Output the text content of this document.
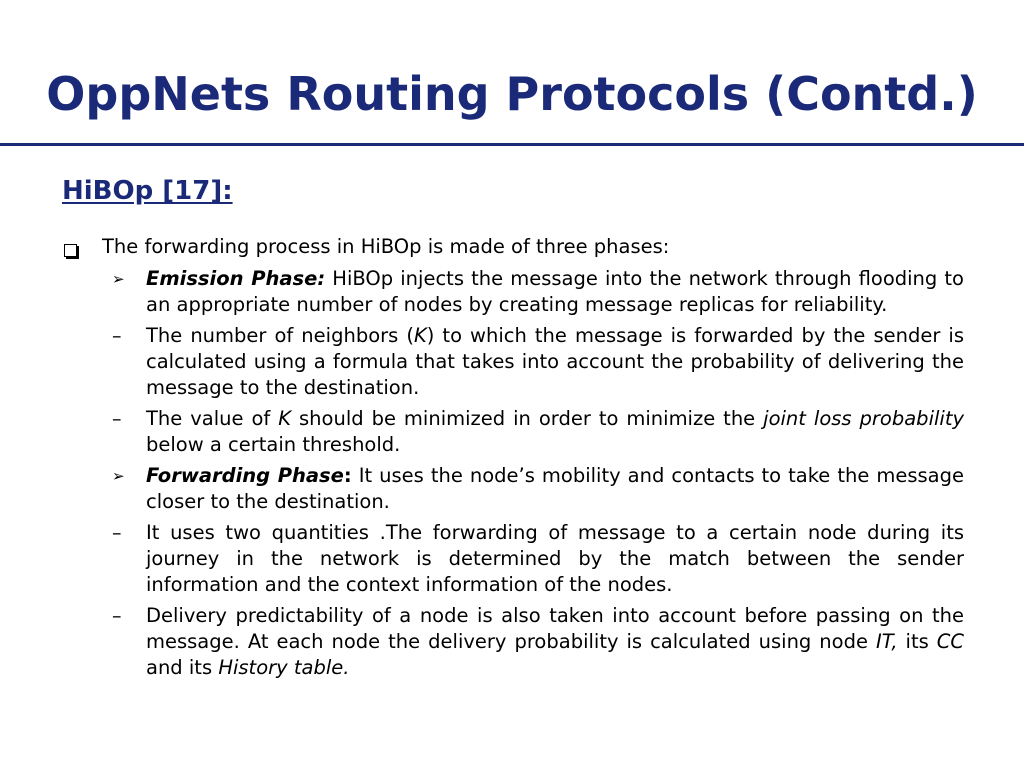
OppNets Routing Protocols (Contd.)
HiBOp [17]:
The forwarding process in HiBOp is made of three phases:
➢ Emission Phase: HiBOp injects the message into the network through flooding to an appropriate number of nodes by creating message replicas for reliability.
– The number of neighbors (K) to which the message is forwarded by the sender is calculated using a formula that takes into account the probability of delivering the message to the destination.
– The value of K should be minimized in order to minimize the joint loss probability below a certain threshold.
➢ Forwarding Phase: It uses the node’s mobility and contacts to take the message closer to the destination.
– It uses two quantities .The forwarding of message to a certain node during its journey in the network is determined by the match between the sender information and the context information of the nodes.
– Delivery predictability of a node is also taken into account before passing on the message. At each node the delivery probability is calculated using node IT, its CC and its History table.
